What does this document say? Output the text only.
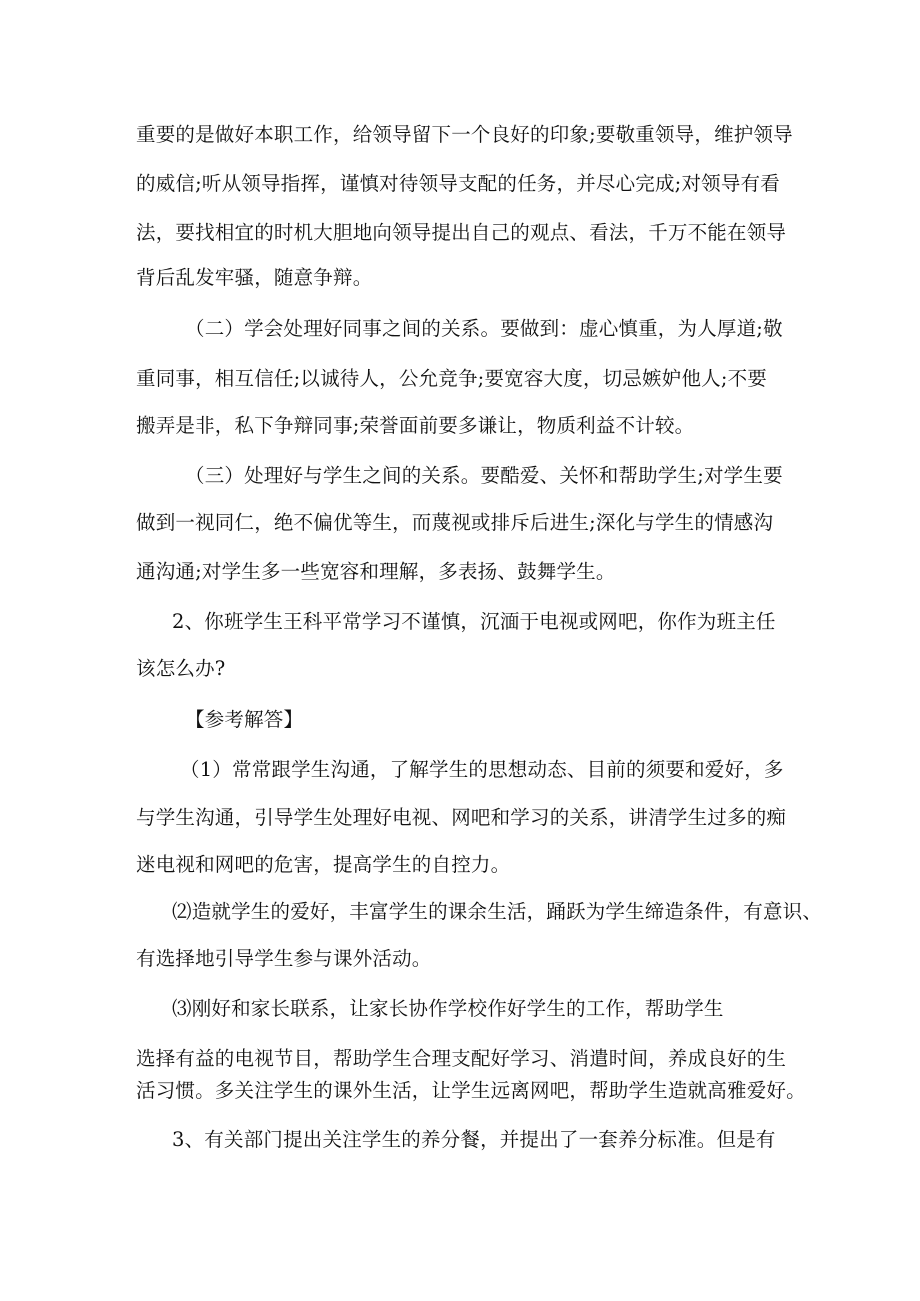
重要的是做好本职工作，给领导留下一个良好的印象;要敬重领导，维护领导
的威信;听从领导指挥，谨慎对待领导支配的任务，并尽心完成;对领导有看
法，要找相宜的时机大胆地向领导提出自己的观点、看法，千万不能在领导
背后乱发牢骚，随意争辩。
（二）学会处理好同事之间的关系。要做到：虚心慎重，为人厚道;敬
重同事，相互信任;以诚待人，公允竞争;要宽容大度，切忌嫉妒他人;不要
搬弄是非，私下争辩同事;荣誉面前要多谦让，物质利益不计较。
（三）处理好与学生之间的关系。要酷爱、关怀和帮助学生;对学生要
做到一视同仁，绝不偏优等生，而蔑视或排斥后进生;深化与学生的情感沟
通沟通;对学生多一些宽容和理解，多表扬、鼓舞学生。
2、你班学生王科平常学习不谨慎，沉湎于电视或网吧，你作为班主任
该怎么办?
【参考解答】
（1）常常跟学生沟通，了解学生的思想动态、目前的须要和爱好，多
与学生沟通，引导学生处理好电视、网吧和学习的关系，讲清学生过多的痴
迷电视和网吧的危害，提高学生的自控力。
⑵造就学生的爱好，丰富学生的课余生活，踊跃为学生缔造条件，有意识、
有选择地引导学生参与课外活动。
⑶刚好和家长联系，让家长协作学校作好学生的工作，帮助学生
选择有益的电视节目，帮助学生合理支配好学习、消遣时间，养成良好的生
活习惯。多关注学生的课外生活，让学生远离网吧，帮助学生造就高雅爱好。
3、有关部门提出关注学生的养分餐，并提出了一套养分标准。但是有
